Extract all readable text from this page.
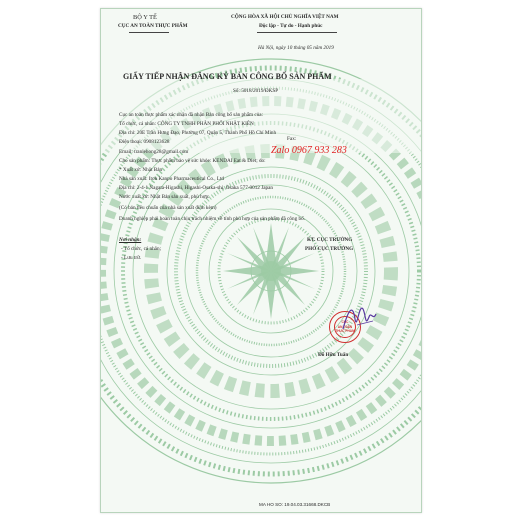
BỘ Y TẾ
CỤC AN TOÀN THỰC PHẨM
CỘNG HÒA XÃ HỘI CHỦ NGHĨA VIỆT NAM
Độc lập - Tự do - Hạnh phúc
Hà Nội, ngày 10 tháng 05 năm 2019
GIẤY TIẾP NHẬN ĐĂNG KÝ BẢN CÔNG BỐ SẢN PHẨM
Số: 5018/2019/ĐKSP
Cục an toàn thực phẩm xác nhận đã nhận Bản công bố sản phẩm của:
Tổ chức, cá nhân: CÔNG TY TNHH PHÂN PHỐI NHẬT KIÊN
Địa chỉ: 20E Trần Hưng Đạo, Phường 07, Quận 5, Thành Phố Hồ Chí Minh
Điện thoại: 0908123628	Fax:
Zalo 0967 933 283
Email: tranlehong28@gmail.com
Cho sản phẩm: Thực phẩm bảo vệ sức khỏe: KENDAI Eat & Diet; do:
* Xuất xứ: Nhật Bản
Nhà sản xuất: Itoh Kanpo Pharmaceutical Co., Ltd
Địa chỉ: 2-4-1 Nagata-Higashi, Higashi-Osaka-shi, Osaka 577-0012 Japan
Nước xuất xứ: Nhật Bản sản xuất, phù hợp:
(Có bản tiêu chuẩn của nhà sản xuất đính kèm)
Doanh nghiệp phải hoàn toàn chịu trách nhiệm về tính phù hợp của sản phẩm đã công bố.
Nơi nhận:
- Tổ chức, cá nhân;
- Lưu trữ.
KT. CỤC TRƯỞNG
PHÓ CỤC TRƯỞNG
CỤC
AN TOÀN
THỰC PHẨM
Đỗ Hữu Tuấn
MA HO SO: 19.04.03.31668.DKCB
